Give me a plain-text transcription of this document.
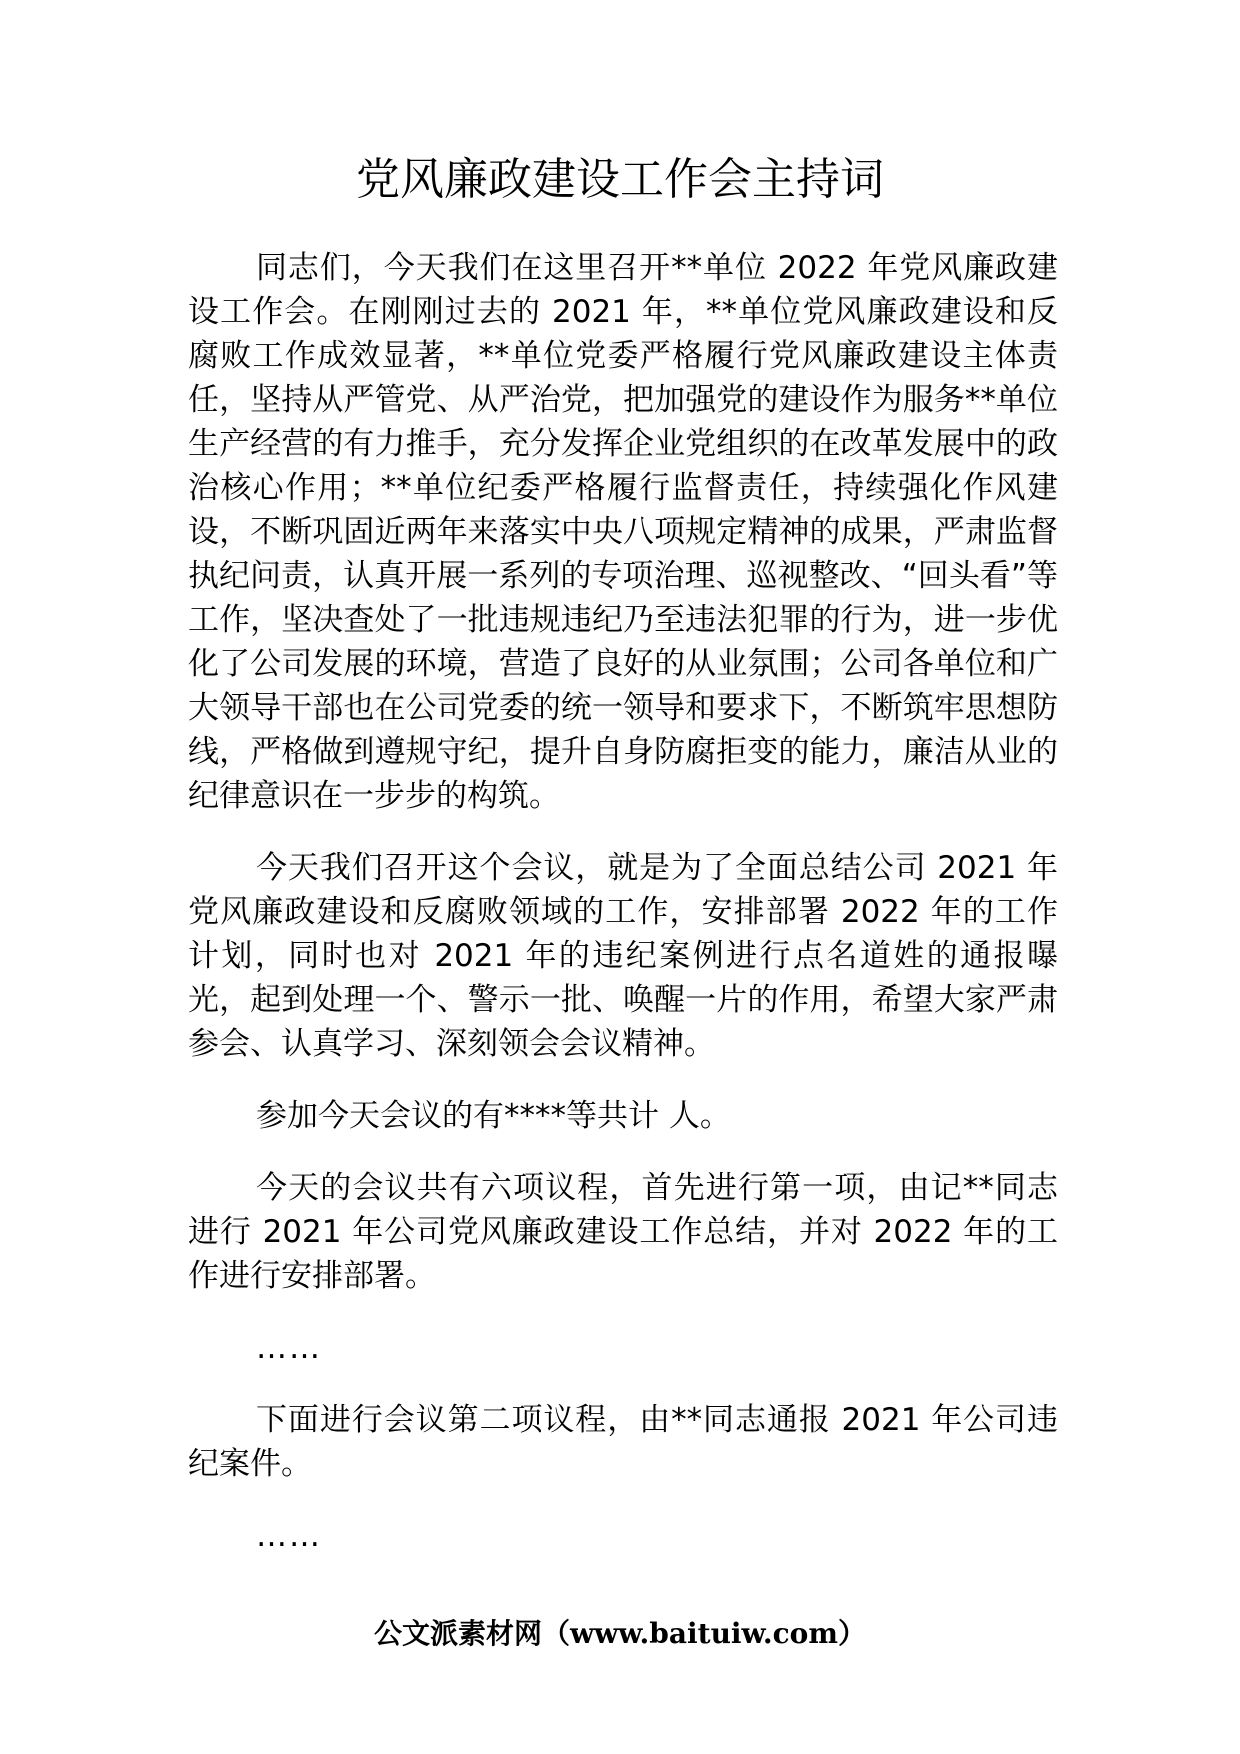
党风廉政建设工作会主持词

同志们，今天我们在这里召开**单位 2022 年党风廉政建设工作会。在刚刚过去的 2021 年，**单位党风廉政建设和反腐败工作成效显著，**单位党委严格履行党风廉政建设主体责任，坚持从严管党、从严治党，把加强党的建设作为服务**单位生产经营的有力推手，充分发挥企业党组织的在改革发展中的政治核心作用；**单位纪委严格履行监督责任，持续强化作风建设，不断巩固近两年来落实中央八项规定精神的成果，严肃监督执纪问责，认真开展一系列的专项治理、巡视整改、“回头看”等工作，坚决查处了一批违规违纪乃至违法犯罪的行为，进一步优化了公司发展的环境，营造了良好的从业氛围；公司各单位和广大领导干部也在公司党委的统一领导和要求下，不断筑牢思想防线，严格做到遵规守纪，提升自身防腐拒变的能力，廉洁从业的纪律意识在一步步的构筑。

今天我们召开这个会议，就是为了全面总结公司 2021 年党风廉政建设和反腐败领域的工作，安排部署 2022 年的工作计划，同时也对 2021 年的违纪案例进行点名道姓的通报曝光，起到处理一个、警示一批、唤醒一片的作用，希望大家严肃参会、认真学习、深刻领会会议精神。

参加今天会议的有****等共计 人。

今天的会议共有六项议程，首先进行第一项，由记**同志进行 2021 年公司党风廉政建设工作总结，并对 2022 年的工作进行安排部署。

……

下面进行会议第二项议程，由**同志通报 2021 年公司违纪案件。

……

公文派素材网（www.baituiw.com）
